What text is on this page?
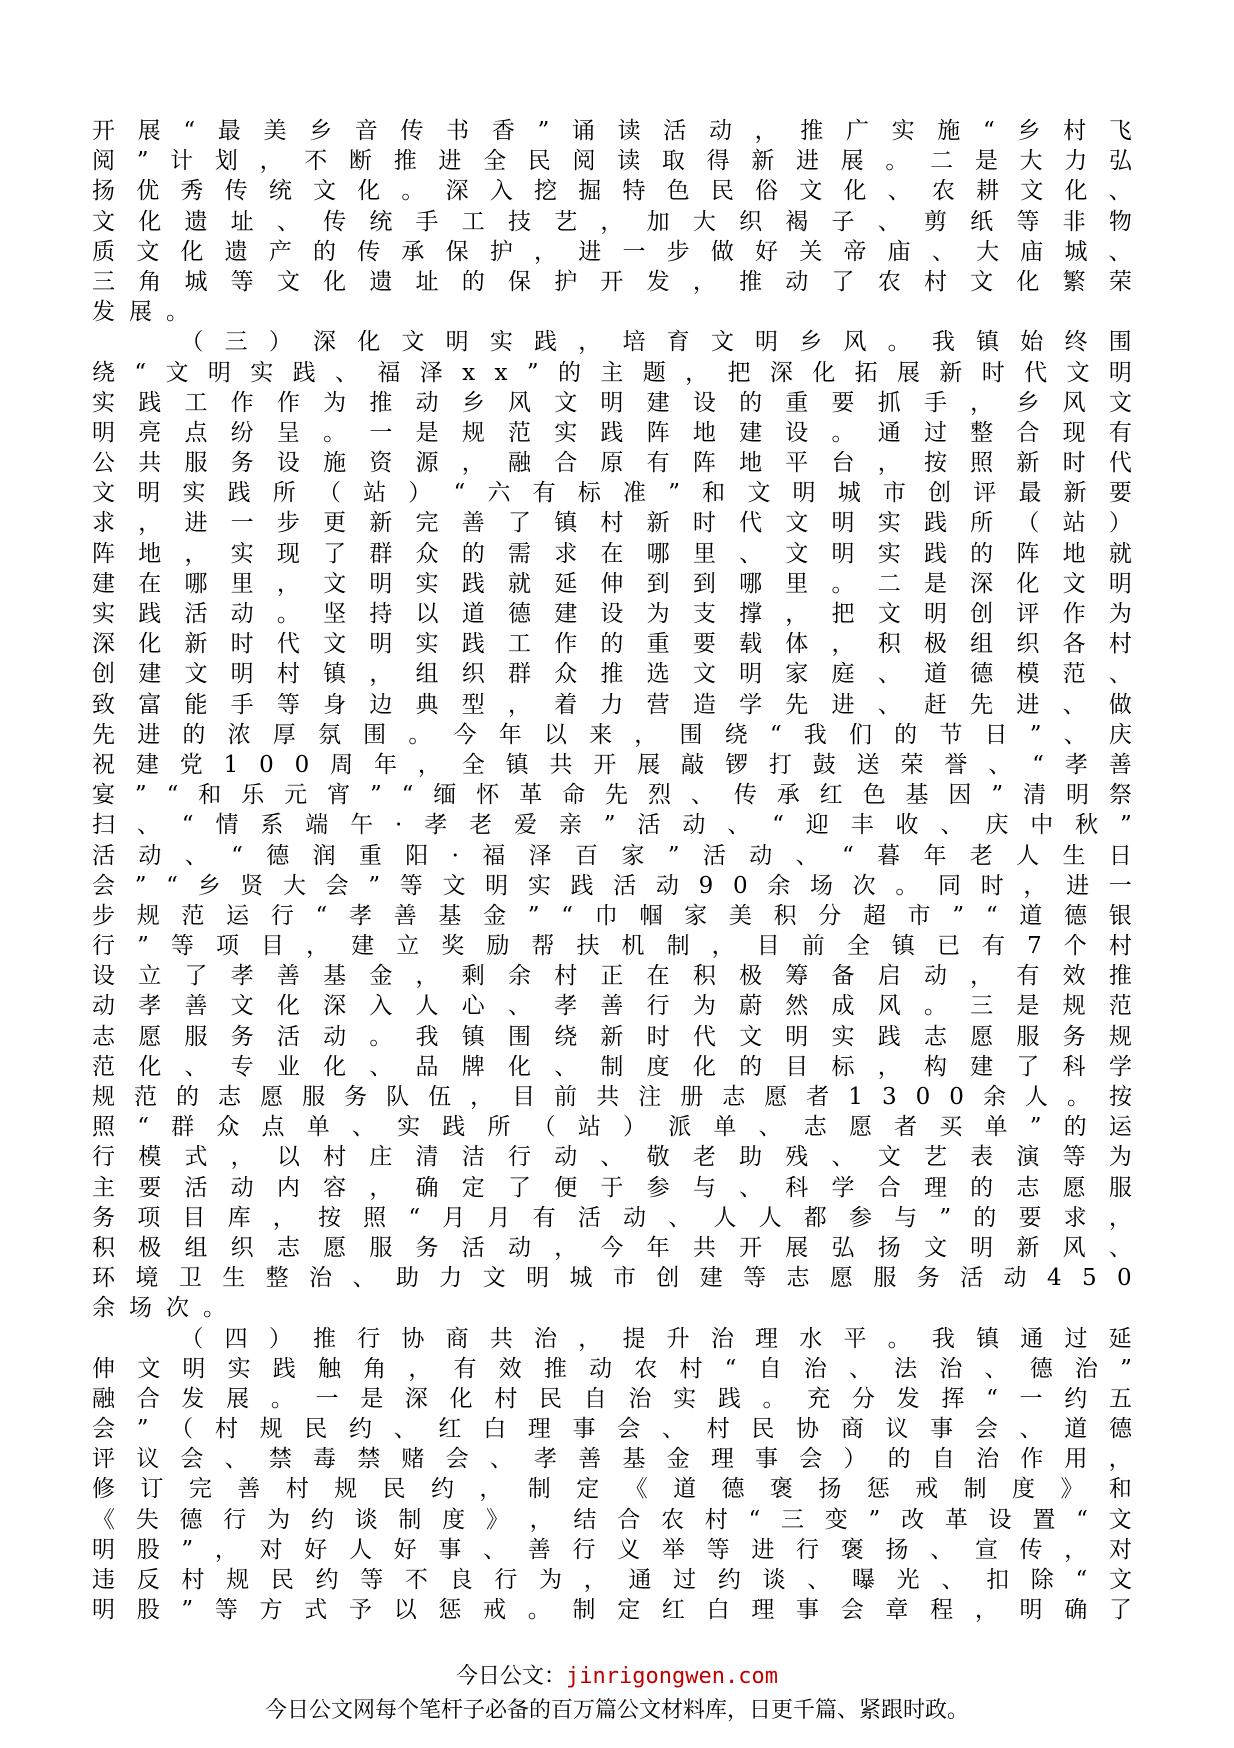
开 展 “ 最 美 乡 音 传 书 香 ” 诵 读 活 动 ， 推 广 实 施 “ 乡 村 飞
阅 ” 计 划 ， 不 断 推 进 全 民 阅 读 取 得 新 进 展 。 二 是 大 力 弘
扬 优 秀 传 统 文 化 。 深 入 挖 掘 特 色 民 俗 文 化 、 农 耕 文 化 、
文 化 遗 址 、 传 统 手 工 技 艺 ， 加 大 织 褐 子 、 剪 纸 等 非 物
质 文 化 遗 产 的 传 承 保 护 ， 进 一 步 做 好 关 帝 庙 、 大 庙 城 、
三 角 城 等 文 化 遗 址 的 保 护 开 发 ， 推 动 了 农 村 文 化 繁 荣
发展。

（ 三 ） 深 化 文 明 实 践 ， 培 育 文 明 乡 风 。 我 镇 始 终 围
绕 “ 文 明 实 践 、 福 泽 x x ” 的 主 题 ， 把 深 化 拓 展 新 时 代 文 明
实 践 工 作 作 为 推 动 乡 风 文 明 建 设 的 重 要 抓 手 ， 乡 风 文
明 亮 点 纷 呈 。 一 是 规 范 实 践 阵 地 建 设 。 通 过 整 合 现 有
公 共 服 务 设 施 资 源 ， 融 合 原 有 阵 地 平 台 ， 按 照 新 时 代
文 明 实 践 所 （ 站 ） “ 六 有 标 准 ” 和 文 明 城 市 创 评 最 新 要
求 ， 进 一 步 更 新 完 善 了 镇 村 新 时 代 文 明 实 践 所 （ 站 ）
阵 地 ， 实 现 了 群 众 的 需 求 在 哪 里 、 文 明 实 践 的 阵 地 就
建 在 哪 里 ， 文 明 实 践 就 延 伸 到 到 哪 里 。 二 是 深 化 文 明
实 践 活 动 。 坚 持 以 道 德 建 设 为 支 撑 ， 把 文 明 创 评 作 为
深 化 新 时 代 文 明 实 践 工 作 的 重 要 载 体 ， 积 极 组 织 各 村
创 建 文 明 村 镇 ， 组 织 群 众 推 选 文 明 家 庭 、 道 德 模 范 、
致 富 能 手 等 身 边 典 型 ， 着 力 营 造 学 先 进 、 赶 先 进 、 做
先 进 的 浓 厚 氛 围 。 今 年 以 来 ， 围 绕 “ 我 们 的 节 日 ” 、 庆
祝 建 党 1 0 0 周 年 ， 全 镇 共 开 展 敲 锣 打 鼓 送 荣 誉 、 “ 孝 善
宴 ” “ 和 乐 元 宵 ” “ 缅 怀 革 命 先 烈 、 传 承 红 色 基 因 ” 清 明 祭
扫 、 “ 情 系 端 午 · 孝 老 爱 亲 ” 活 动 、 “ 迎 丰 收 、 庆 中 秋 ”
活 动 、 “ 德 润 重 阳 · 福 泽 百 家 ” 活 动 、 “ 暮 年 老 人 生 日
会 ” “ 乡 贤 大 会 ” 等 文 明 实 践 活 动 9 0 余 场 次 。 同 时 ， 进 一
步 规 范 运 行 “ 孝 善 基 金 ” “ 巾 帼 家 美 积 分 超 市 ” “ 道 德 银
行 ” 等 项 目 ， 建 立 奖 励 帮 扶 机 制 ， 目 前 全 镇 已 有 7 个 村
设 立 了 孝 善 基 金 ， 剩 余 村 正 在 积 极 筹 备 启 动 ， 有 效 推
动 孝 善 文 化 深 入 人 心 、 孝 善 行 为 蔚 然 成 风 。 三 是 规 范
志 愿 服 务 活 动 。 我 镇 围 绕 新 时 代 文 明 实 践 志 愿 服 务 规
范 化 、 专 业 化 、 品 牌 化 、 制 度 化 的 目 标 ， 构 建 了 科 学
规 范 的 志 愿 服 务 队 伍 ， 目 前 共 注 册 志 愿 者 1 3 0 0 余 人 。 按
照 “ 群 众 点 单 、 实 践 所 （ 站 ） 派 单 、 志 愿 者 买 单 ” 的 运
行 模 式 ， 以 村 庄 清 洁 行 动 、 敬 老 助 残 、 文 艺 表 演 等 为
主 要 活 动 内 容 ， 确 定 了 便 于 参 与 、 科 学 合 理 的 志 愿 服
务 项 目 库 ， 按 照 “ 月 月 有 活 动 、 人 人 都 参 与 ” 的 要 求 ，
积 极 组 织 志 愿 服 务 活 动 ， 今 年 共 开 展 弘 扬 文 明 新 风 、
环 境 卫 生 整 治 、 助 力 文 明 城 市 创 建 等 志 愿 服 务 活 动 4 5 0
余场次。

（ 四 ） 推 行 协 商 共 治 ， 提 升 治 理 水 平 。 我 镇 通 过 延
伸 文 明 实 践 触 角 ， 有 效 推 动 农 村 “ 自 治 、 法 治 、 德 治 ”
融 合 发 展 。 一 是 深 化 村 民 自 治 实 践 。 充 分 发 挥 “ 一 约 五
会 ” （ 村 规 民 约 、 红 白 理 事 会 、 村 民 协 商 议 事 会 、 道 德
评 议 会 、 禁 毒 禁 赌 会 、 孝 善 基 金 理 事 会 ） 的 自 治 作 用 ，
修 订 完 善 村 规 民 约 ， 制 定 《 道 德 褒 扬 惩 戒 制 度 》 和
《 失 德 行 为 约 谈 制 度 》 ， 结 合 农 村 “ 三 变 ” 改 革 设 置 “ 文
明 股 ” ， 对 好 人 好 事 、 善 行 义 举 等 进 行 褒 扬 、 宣 传 ， 对
违 反 村 规 民 约 等 不 良 行 为 ， 通 过 约 谈 、 曝 光 、 扣 除 “ 文
明 股 ” 等 方 式 予 以 惩 戒 。 制 定 红 白 理 事 会 章 程 ， 明 确 了
今日公文：jinrigongwen.com
今日公文网每个笔杆子必备的百万篇公文材料库，日更千篇、紧跟时政。
